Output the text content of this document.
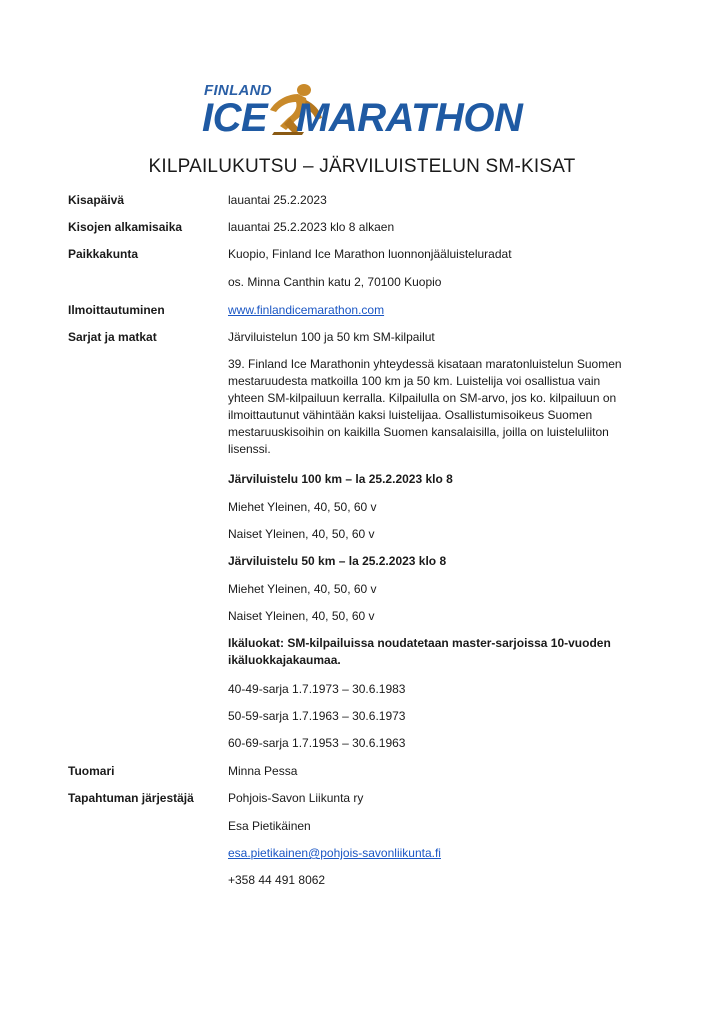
FINLAND
ICE MARATHON
KILPAILUKUTSU – JÄRVILUISTELUN SM-KISAT
Kisapäivä	lauantai 25.2.2023
Kisojen alkamisaika	lauantai 25.2.2023 klo 8 alkaen
Paikkakunta	Kuopio, Finland Ice Marathon luonnonjääluisteluradat
os. Minna Canthin katu 2, 70100 Kuopio
Ilmoittautuminen	www.finlandicemarathon.com
Sarjat ja matkat	Järviluistelun 100 ja 50 km SM-kilpailut
39. Finland Ice Marathonin yhteydessä kisataan maratonluistelun Suomen mestaruudesta matkoilla 100 km ja 50 km. Luistelija voi osallistua vain yhteen SM-kilpailuun kerralla. Kilpailulla on SM-arvo, jos ko. kilpailuun on ilmoittautunut vähintään kaksi luistelijaa. Osallistumisoikeus Suomen mestaruuskisoihin on kaikilla Suomen kansalaisilla, joilla on luisteluliiton lisenssi.
Järviluistelu 100 km – la 25.2.2023 klo 8
Miehet Yleinen, 40, 50, 60 v
Naiset Yleinen, 40, 50, 60 v
Järviluistelu 50 km – la 25.2.2023 klo 8
Miehet Yleinen, 40, 50, 60 v
Naiset Yleinen, 40, 50, 60 v
Ikäluokat: SM-kilpailuissa noudatetaan master-sarjoissa 10-vuoden ikäluokkajakaumaa.
40-49-sarja 1.7.1973 – 30.6.1983
50-59-sarja 1.7.1963 – 30.6.1973
60-69-sarja 1.7.1953 – 30.6.1963
Tuomari	Minna Pessa
Tapahtuman järjestäjä	Pohjois-Savon Liikunta ry
Esa Pietikäinen
esa.pietikainen@pohjois-savonliikunta.fi
+358 44 491 8062
